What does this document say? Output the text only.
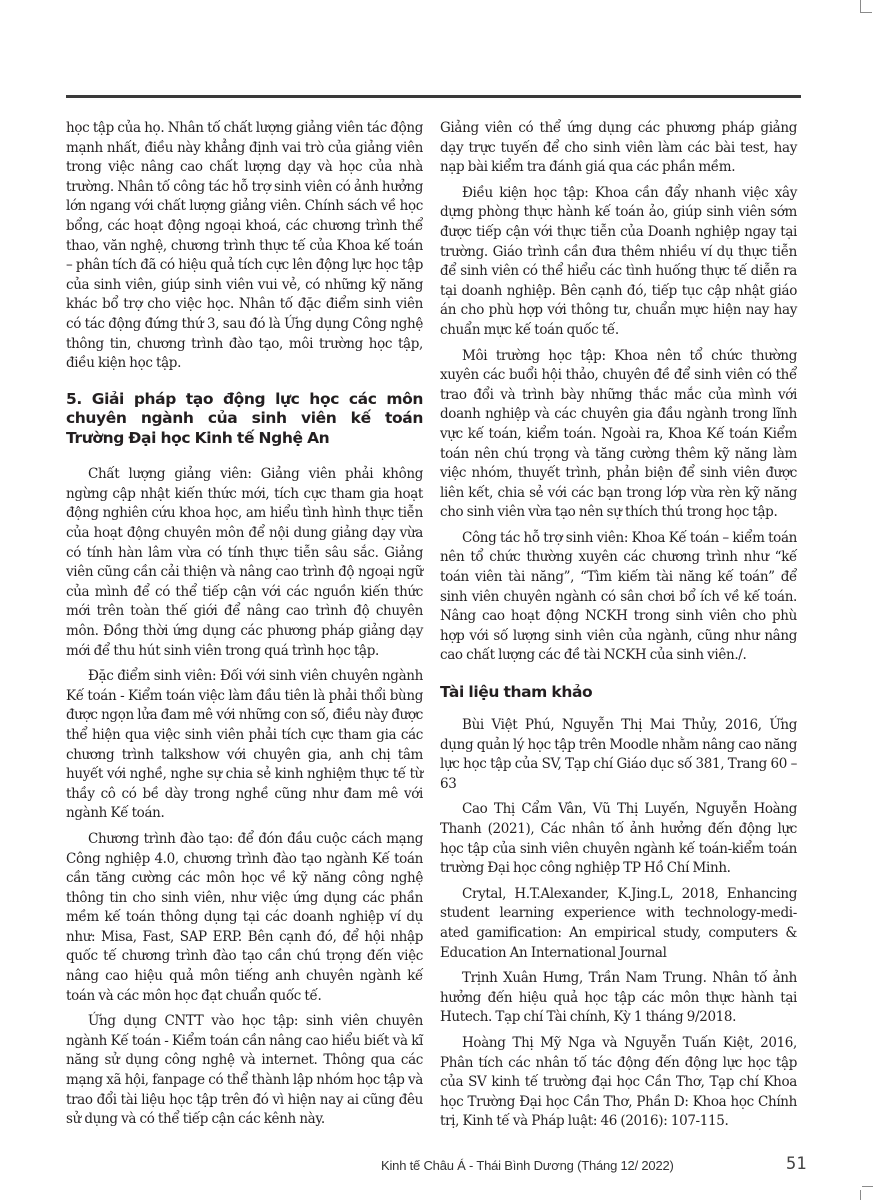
học tập của họ. Nhân tố chất lượng giảng viên tác động mạnh nhất, điều này khẳng định vai trò của giảng viên trong việc nâng cao chất lượng dạy và học của nhà trường. Nhân tố công tác hỗ trợ sinh viên có ảnh hưởng lớn ngang với chất lượng giảng viên. Chính sách về học bổng, các hoạt động ngoại khoá, các chương trình thể thao, văn nghệ, chương trình thực tế của Khoa kế toán – phân tích đã có hiệu quả tích cực lên động lực học tập của sinh viên, giúp sinh viên vui vẻ, có những kỹ năng khác bổ trợ cho việc học. Nhân tố đặc điểm sinh viên có tác động đứng thứ 3, sau đó là Ứng dụng Công nghệ thông tin, chương trình đào tạo, môi trường học tập, điều kiện học tập.

5. Giải pháp tạo động lực học các môn chuyên ngành của sinh viên kế toán Trường Đại học Kinh tế Nghệ An

Chất lượng giảng viên: Giảng viên phải không ngừng cập nhật kiến thức mới, tích cực tham gia hoạt động nghiên cứu khoa học, am hiểu tình hình thực tiễn của hoạt động chuyên môn để nội dung giảng dạy vừa có tính hàn lâm vừa có tính thực tiễn sâu sắc. Giảng viên cũng cần cải thiện và nâng cao trình độ ngoại ngữ của mình để có thể tiếp cận với các nguồn kiến thức mới trên toàn thế giới để nâng cao trình độ chuyên môn. Đồng thời ứng dụng các phương pháp giảng dạy mới để thu hút sinh viên trong quá trình học tập.

Đặc điểm sinh viên: Đối với sinh viên chuyên ngành Kế toán - Kiểm toán việc làm đầu tiên là phải thổi bùng được ngọn lửa đam mê với những con số, điều này được thể hiện qua việc sinh viên phải tích cực tham gia các chương trình talkshow với chuyên gia, anh chị tâm huyết với nghề, nghe sự chia sẻ kinh nghiệm thực tế từ thầy cô có bề dày trong nghề cũng như đam mê với ngành Kế toán.

Chương trình đào tạo: để đón đầu cuộc cách mạng Công nghiệp 4.0, chương trình đào tạo ngành Kế toán cần tăng cường các môn học về kỹ năng công nghệ thông tin cho sinh viên, như việc ứng dụng các phần mềm kế toán thông dụng tại các doanh nghiệp ví dụ như: Misa, Fast, SAP ERP. Bên cạnh đó, để hội nhập quốc tế chương trình đào tạo cần chú trọng đến việc nâng cao hiệu quả môn tiếng anh chuyên ngành kế toán và các môn học đạt chuẩn quốc tế.

Ứng dụng CNTT vào học tập: sinh viên chuyên ngành Kế toán - Kiểm toán cần nâng cao hiểu biết và kĩ năng sử dụng công nghệ và internet. Thông qua các mạng xã hội, fanpage có thể thành lập nhóm học tập và trao đổi tài liệu học tập trên đó vì hiện nay ai cũng đêu sử dụng và có thể tiếp cận các kênh này.

Giảng viên có thể ứng dụng các phương pháp giảng dạy trực tuyến để cho sinh viên làm các bài test, hay nạp bài kiểm tra đánh giá qua các phần mềm.

Điều kiện học tập: Khoa cần đẩy nhanh việc xây dựng phòng thực hành kế toán ảo, giúp sinh viên sớm được tiếp cận với thực tiễn của Doanh nghiệp ngay tại trường. Giáo trình cần đưa thêm nhiều ví dụ thực tiễn để sinh viên có thể hiểu các tình huống thực tế diễn ra tại doanh nghiệp. Bên cạnh đó, tiếp tục cập nhật giáo án cho phù hợp với thông tư, chuẩn mực hiện nay hay chuẩn mực kế toán quốc tế.

Môi trường học tập: Khoa nên tổ chức thường xuyên các buổi hội thảo, chuyên đề để sinh viên có thể trao đổi và trình bày những thắc mắc của mình với doanh nghiệp và các chuyên gia đầu ngành trong lĩnh vực kế toán, kiểm toán. Ngoài ra, Khoa Kế toán Kiểm toán nên chú trọng và tăng cường thêm kỹ năng làm việc nhóm, thuyết trình, phản biện để sinh viên được liên kết, chia sẻ với các bạn trong lớp vừa rèn kỹ năng cho sinh viên vừa tạo nên sự thích thú trong học tập.

Công tác hỗ trợ sinh viên: Khoa Kế toán – kiểm toán nên tổ chức thường xuyên các chương trình như “kế toán viên tài năng”, “Tìm kiếm tài năng kế toán” để sinh viên chuyên ngành có sân chơi bổ ích về kế toán. Nâng cao hoạt động NCKH trong sinh viên cho phù hợp với số lượng sinh viên của ngành, cũng như nâng cao chất lượng các đề tài NCKH của sinh viên./.

Tài liệu tham khảo

Bùi Việt Phú, Nguyễn Thị Mai Thủy, 2016, Ứng dụng quản lý học tập trên Moodle nhằm nâng cao năng lực học tập của SV, Tạp chí Giáo dục số 381, Trang 60 – 63

Cao Thị Cẩm Vân, Vũ Thị Luyến, Nguyễn Hoàng Thanh (2021), Các nhân tố ảnh hưởng đến động lực học tập của sinh viên chuyên ngành kế toán-kiểm toán trường Đại học công nghiệp TP Hồ Chí Minh.

Crytal, H.T.Alexander, K.Jing.L, 2018, Enhancing student learning experience with technology-medi-ated gamification: An empirical study, computers & Education An International Journal

Trịnh Xuân Hưng, Trần Nam Trung. Nhân tố ảnh hưởng đến hiệu quả học tập các môn thực hành tại Hutech. Tạp chí Tài chính, Kỳ 1 tháng 9/2018.

Hoàng Thị Mỹ Nga và Nguyễn Tuấn Kiệt, 2016, Phân tích các nhân tố tác động đến động lực học tập của SV kinh tế trường đại học Cần Thơ, Tạp chí Khoa học Trường Đại học Cần Thơ, Phần D: Khoa học Chính trị, Kinh tế và Pháp luật: 46 (2016): 107-115.

Kinh tế Châu Á - Thái Bình Dương (Tháng 12/ 2022)	51
